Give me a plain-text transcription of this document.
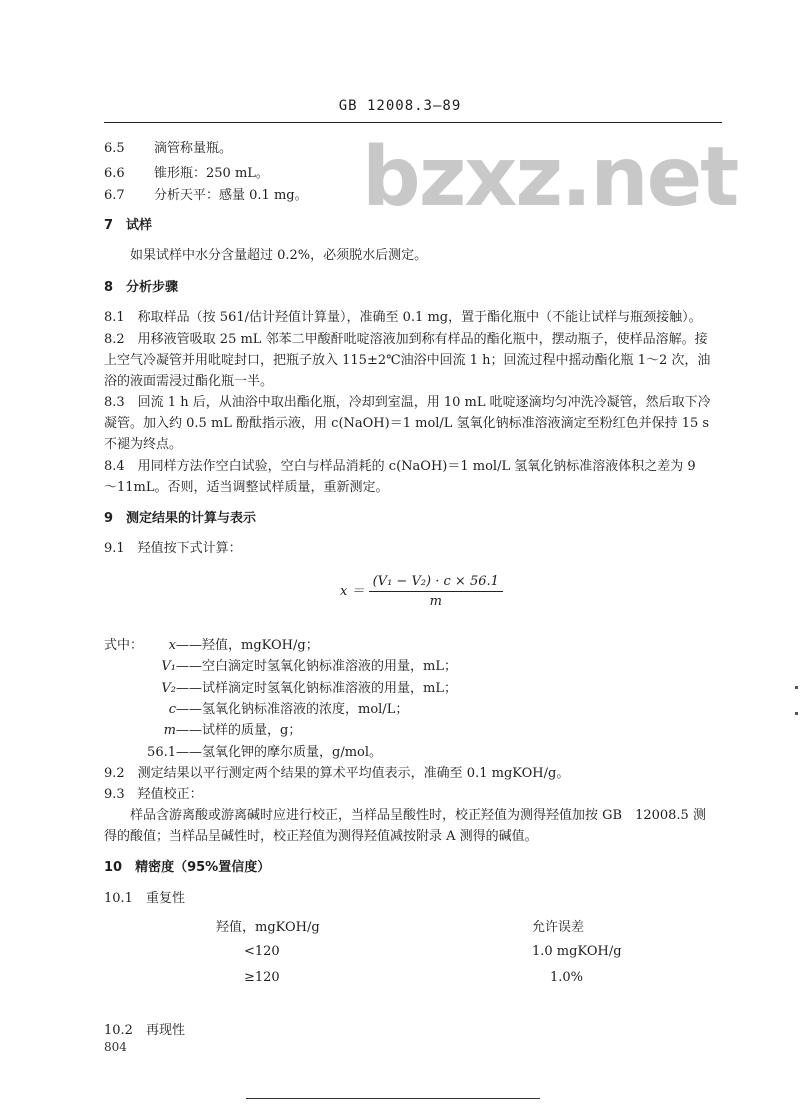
GB 12008.3—89
bzxz.net
6.5 滴管称量瓶。
6.6 锥形瓶：250 mL。
6.7 分析天平：感量 0.1 mg。
7　试样
如果试样中水分含量超过 0.2%，必须脱水后测定。
8　分析步骤
8.1　称取样品（按 561/估计羟值计算量），准确至 0.1 mg，置于酯化瓶中（不能让试样与瓶颈接触）。
8.2　用移液管吸取 25 mL 邻苯二甲酸酐吡啶溶液加到称有样品的酯化瓶中，摆动瓶子，使样品溶解。接
上空气冷凝管并用吡啶封口，把瓶子放入 115±2℃油浴中回流 1 h；回流过程中摇动酯化瓶 1～2 次，油
浴的液面需浸过酯化瓶一半。
8.3　回流 1 h 后，从油浴中取出酯化瓶，冷却到室温，用 10 mL 吡啶逐滴均匀冲洗冷凝管，然后取下冷
凝管。加入约 0.5 mL 酚酞指示液，用 c(NaOH)＝1 mol/L 氢氧化钠标准溶液滴定至粉红色并保持 15 s
不褪为终点。
8.4　用同样方法作空白试验，空白与样品消耗的 c(NaOH)＝1 mol/L 氢氧化钠标准溶液体积之差为 9
～11mL。否则，适当调整试样质量，重新测定。
9　测定结果的计算与表示
9.1　羟值按下式计算：
$x = \frac{\text{(V₁ − V₂) · c × 56.1}}{m}$
式中：	x——羟值，mgKOH/g；
V₁——空白滴定时氢氧化钠标准溶液的用量，mL；
V₂——试样滴定时氢氧化钠标准溶液的用量，mL；
c——氢氧化钠标准溶液的浓度，mol/L；
m——试样的质量，g；
56.1——氢氧化钾的摩尔质量，g/mol。
9.2　测定结果以平行测定两个结果的算术平均值表示，准确至 0.1 mgKOH/g。
9.3　羟值校正：
样品含游离酸或游离碱时应进行校正，当样品呈酸性时，校正羟值为测得羟值加按 GB　12008.5 测
得的酸值；当样品呈碱性时，校正羟值为测得羟值减按附录 A 测得的碱值。
10　精密度（95%置信度）
10.1　重复性
羟值，mgKOH/g	允许误差
<120	1.0 mgKOH/g
≥120	1.0%
10.2　再现性
804
